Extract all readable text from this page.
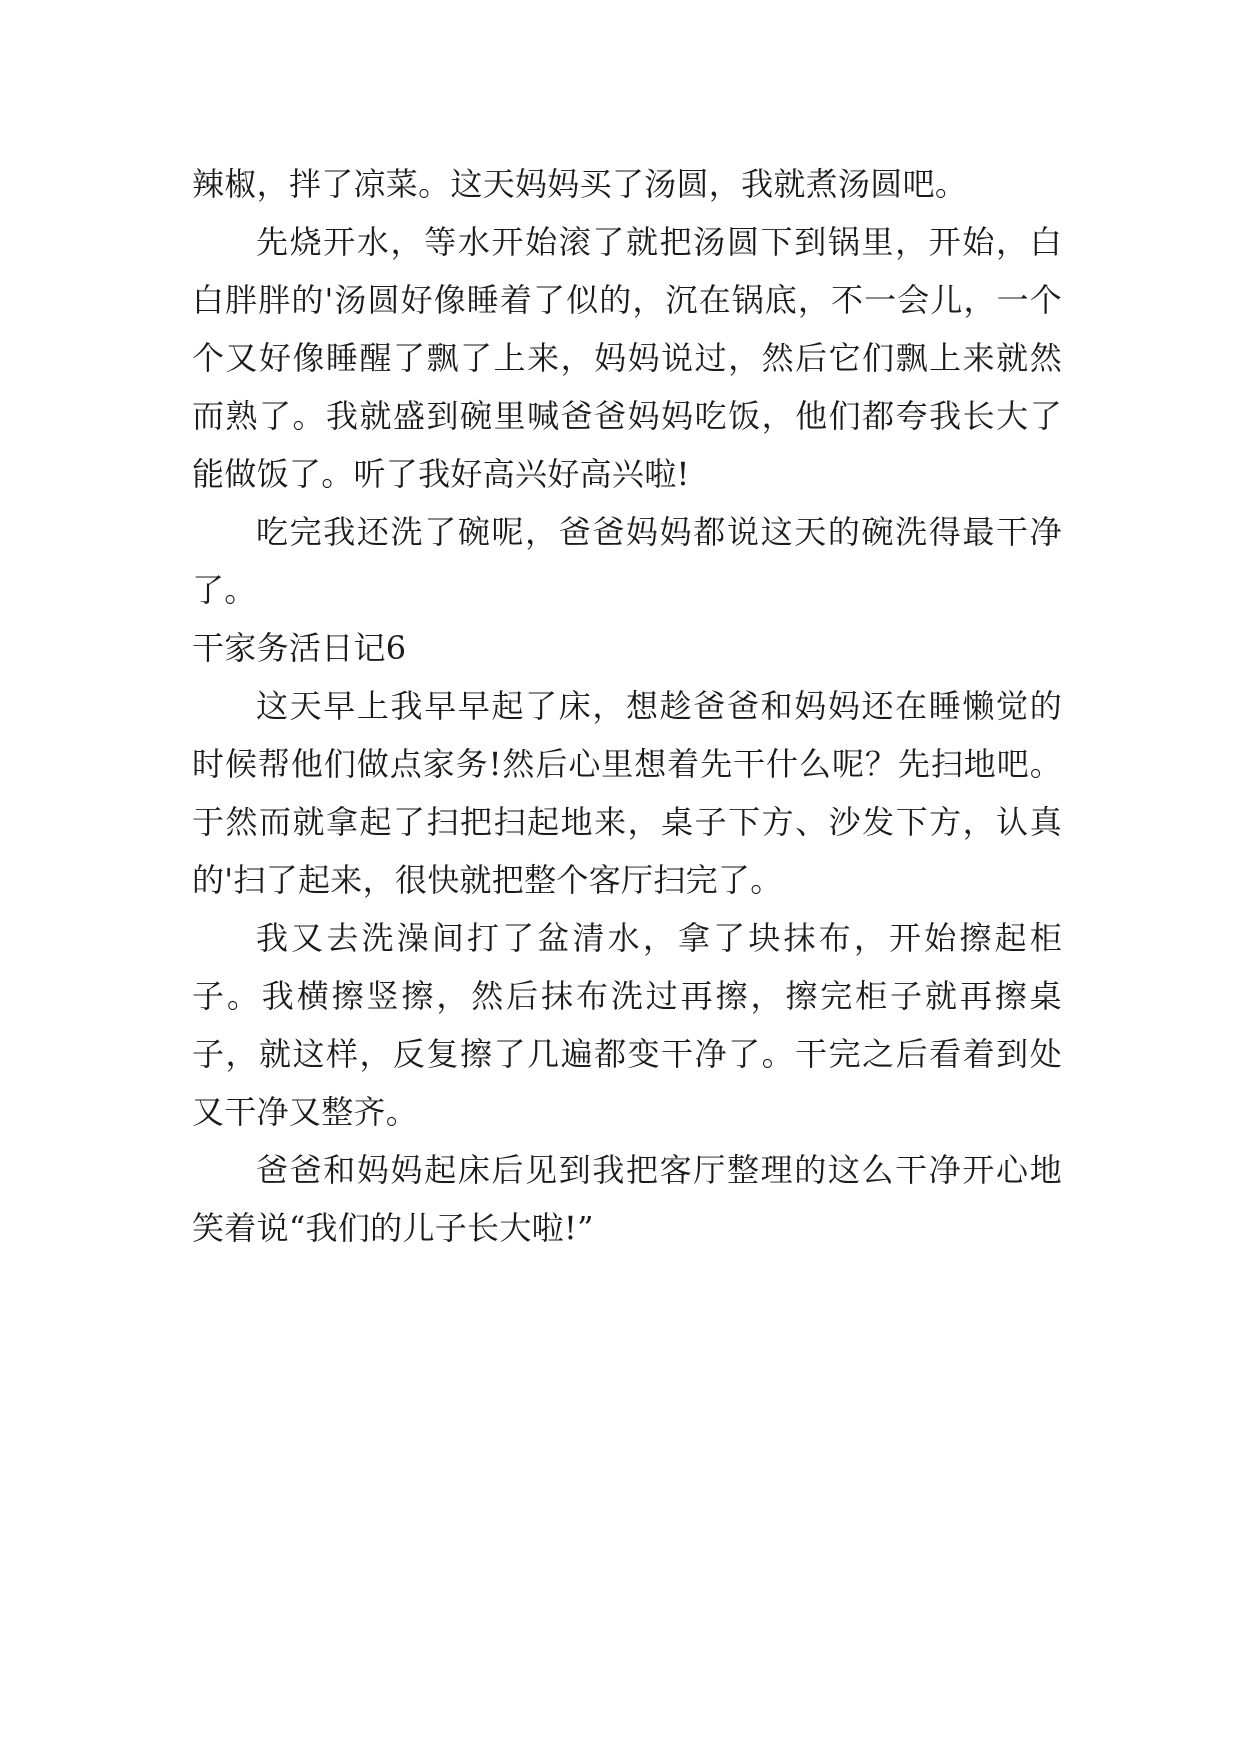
辣椒，拌了凉菜。这天妈妈买了汤圆，我就煮汤圆吧。

先烧开水，等水开始滚了就把汤圆下到锅里，开始，白白胖胖的'汤圆好像睡着了似的，沉在锅底，不一会儿，一个个又好像睡醒了飘了上来，妈妈说过，然后它们飘上来就然而熟了。我就盛到碗里喊爸爸妈妈吃饭，他们都夸我长大了能做饭了。听了我好高兴好高兴啦!

吃完我还洗了碗呢，爸爸妈妈都说这天的碗洗得最干净了。

干家务活日记6

这天早上我早早起了床，想趁爸爸和妈妈还在睡懒觉的时候帮他们做点家务!然后心里想着先干什么呢？先扫地吧。于然而就拿起了扫把扫起地来，桌子下方、沙发下方，认真的'扫了起来，很快就把整个客厅扫完了。

我又去洗澡间打了盆清水，拿了块抹布，开始擦起柜子。我横擦竖擦，然后抹布洗过再擦，擦完柜子就再擦桌子，就这样，反复擦了几遍都变干净了。干完之后看着到处又干净又整齐。

爸爸和妈妈起床后见到我把客厅整理的这么干净开心地笑着说“我们的儿子长大啦!”
